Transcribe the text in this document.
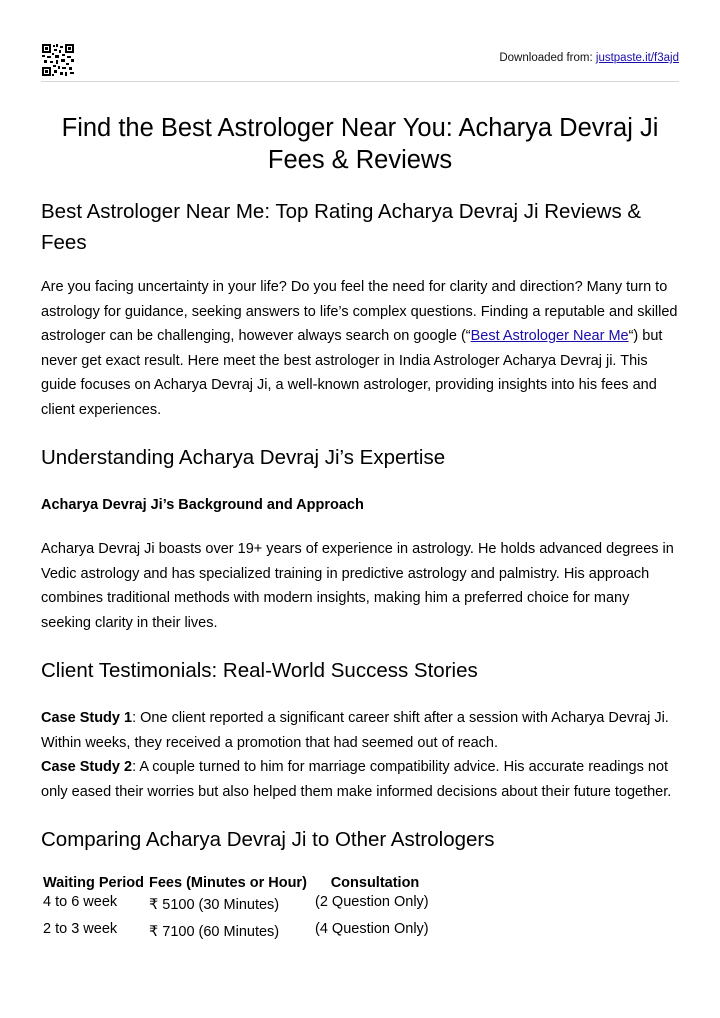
Downloaded from: justpaste.it/f3ajd
Find the Best Astrologer Near You: Acharya Devraj Ji Fees & Reviews
Best Astrologer Near Me: Top Rating Acharya Devraj Ji Reviews & Fees

Are you facing uncertainty in your life? Do you feel the need for clarity and direction? Many turn to astrology for guidance, seeking answers to life’s complex questions. Finding a reputable and skilled astrologer can be challenging, however always search on google (“Best Astrologer Near Me“) but never get exact result. Here meet the best astrologer in India Astrologer Acharya Devraj ji. This guide focuses on Acharya Devraj Ji, a well-known astrologer, providing insights into his fees and client experiences.

Understanding Acharya Devraj Ji’s Expertise
Acharya Devraj Ji’s Background and Approach

Acharya Devraj Ji boasts over 19+ years of experience in astrology. He holds advanced degrees in Vedic astrology and has specialized training in predictive astrology and palmistry. His approach combines traditional methods with modern insights, making him a preferred choice for many seeking clarity in their lives.

Client Testimonials: Real-World Success Stories

Case Study 1: One client reported a significant career shift after a session with Acharya Devraj Ji. Within weeks, they received a promotion that had seemed out of reach.

Case Study 2: A couple turned to him for marriage compatibility advice. His accurate readings not only eased their worries but also helped them make informed decisions about their future together.

Comparing Acharya Devraj Ji to Other Astrologers
Waiting Period	Fees (Minutes or Hour)	Consultation
4 to 6 week	₹ 5100 (30 Minutes)	(2 Question Only)
2 to 3 week	₹ 7100 (60 Minutes)	(4 Question Only)
